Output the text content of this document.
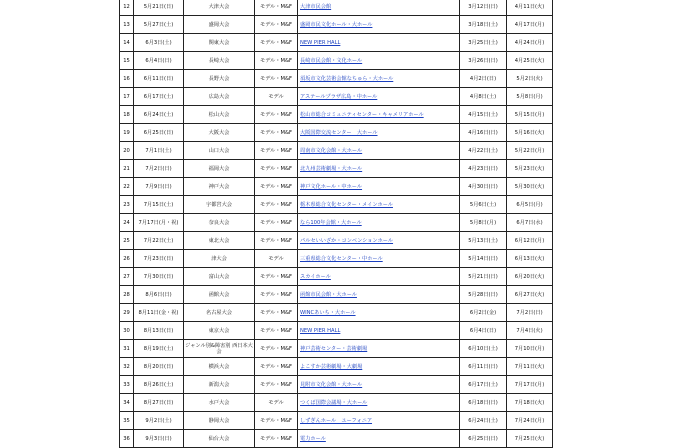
12	5月21日(日)	大津大会	モデル・M&F	大津市民会館	3月12日(日)	4月11日(火)
13	5月27日(土)	盛岡大会	モデル・M&F	盛岡市民文化ホール・大ホール	3月18日(土)	4月17日(月)
14	6月3日(土)	関東大会	モデル・M&F	NEW PIER HALL	3月25日(土)	4月24日(月)
15	6月4日(日)	長崎大会	モデル・M&F	長崎市民会館・文化ホール	3月26日(日)	4月25日(火)
16	6月11日(日)	長野大会	モデル・M&F	須坂市文化芸術会館なちゅら・大ホール	4月2日(日)	5月2日(火)
17	6月17日(土)	広島大会	モデル	アステールプラザ広島・中ホール	4月8日(土)	5月8日(月)
18	6月24日(土)	松山大会	モデル・M&F	松山市総合コミュニティセンター・キャメリアホール	4月15日(土)	5月15日(月)
19	6月25日(日)	大阪大会	モデル・M&F	大阪国際交流センター　大ホール	4月16日(日)	5月16日(火)
20	7月1日(土)	山口大会	モデル・M&F	周南市文化会館・大ホール	4月22日(土)	5月22日(月)
21	7月2日(日)	福岡大会	モデル・M&F	北九州芸術劇場・大ホール	4月23日(日)	5月23日(火)
22	7月9日(日)	神戸大会	モデル・M&F	神戸文化ホール・中ホール	4月30日(日)	5月30日(火)
23	7月15日(土)	宇都宮大会	モデル・M&F	栃木県総合文化センター・メインホール	5月6日(土)	6月5日(月)
24	7月17日(月・祝)	奈良大会	モデル・M&F	なら100年会館・大ホール	5月8日(月)	6月7日(水)
25	7月22日(土)	東北大会	モデル・M&F	パルセいいざか・コンベンションホール	5月13日(土)	6月12日(月)
26	7月23日(日)	津大会	モデル	三重県総合文化センター・中ホール	5月14日(日)	6月13日(火)
27	7月30日(日)	富山大会	モデル・M&F	スカイホール	5月21日(日)	6月20日(火)
28	8月6日(日)	函館大会	モデル・M&F	函館市民会館・大ホール	5月28日(日)	6月27日(火)
29	8月11日(金・祝)	名古屋大会	モデル・M&F	WINCあいち・大ホール	6月2日(金)	7月2日(日)
30	8月13日(日)	東京大会	モデル・M&F	NEW PIER HALL	6月4日(日)	7月4日(火)
31	8月19日(土)	ジャンル別&障害別 西日本大会	モデル・M&F	神戸芸術センター・芸術劇場	6月10日(土)	7月10日(月)
32	8月20日(日)	横浜大会	モデル・M&F	よこすか芸術劇場・大劇場	6月11日(日)	7月11日(火)
33	8月26日(土)	新潟大会	モデル・M&F	見附市文化会館・大ホール	6月17日(土)	7月17日(月)
34	8月27日(日)	水戸大会	モデル	つくば国際会議場・大ホール	6月18日(日)	7月18日(火)
35	9月2日(土)	静岡大会	モデル・M&F	しずぎんホール　ユーフォニア	6月24日(土)	7月24日(月)
36	9月3日(日)	仙台大会	モデル・M&F	電力ホール	6月25日(日)	7月25日(火)
